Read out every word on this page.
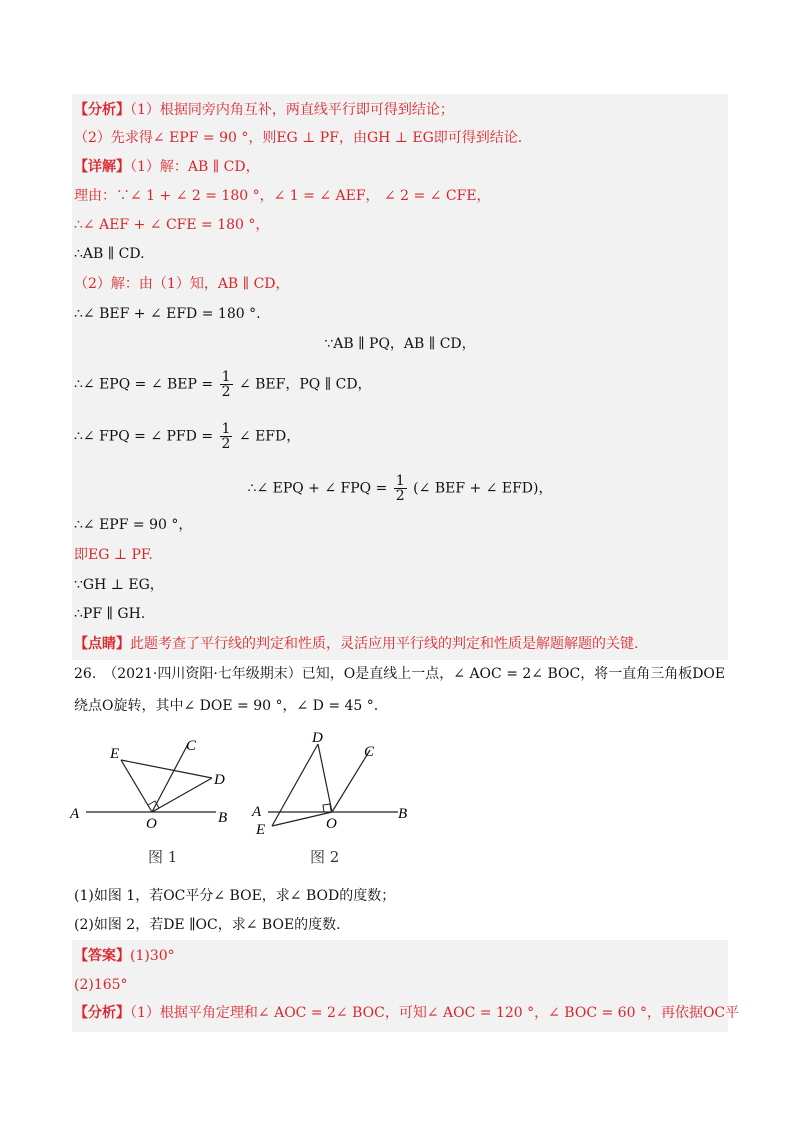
【分析】（1）根据同旁内角互补，两直线平行即可得到结论；
（2）先求得∠ EPF = 90 °，则EG ⊥ PF，由GH ⊥ EG即可得到结论.
【详解】（1）解：AB ∥ CD，
理由：∵∠ 1 + ∠ 2 = 180 °，∠ 1 = ∠ AEF， ∠ 2 = ∠ CFE，
∴∠ AEF + ∠ CFE = 180 °，
∴AB ∥ CD.
（2）解：由（1）知，AB ∥ CD，
∴∠ BEF + ∠ EFD = 180 °.
∵AB ∥ PQ，AB ∥ CD，
∴∠ EPQ = ∠ BEP = $\frac{1}{2}$ ∠ BEF，PQ ∥ CD，
∴∠ FPQ = ∠ PFD = $\frac{1}{2}$ ∠ EFD，
∴∠ EPQ + ∠ FPQ = $\frac{1}{2}$ (∠ BEF + ∠ EFD)，
∴∠ EPF = 90 °，
即EG ⊥ PF.
∵GH ⊥ EG，
∴PF ∥ GH.
【点睛】此题考查了平行线的判定和性质，灵活应用平行线的判定和性质是解题解题的关键.
26.　（2021·四川资阳·七年级期末）已知，O是直线上一点，∠ AOC = 2∠ BOC，将一直角三角板DOE
绕点O旋转，其中∠ DOE = 90 °，∠ D = 45 °.
E	C
D
A
O	B
图 1
D
C
A
O
B
E
图 2
(1)如图 1，若OC平分∠ BOE，求∠ BOD的度数；
(2)如图 2，若DE ∥OC，求∠ BOE的度数.
【答案】(1)30°
(2)165°
【分析】（1）根据平角定理和∠ AOC = 2∠ BOC，可知∠ AOC = 120 °，∠ BOC = 60 °，再依据OC平
